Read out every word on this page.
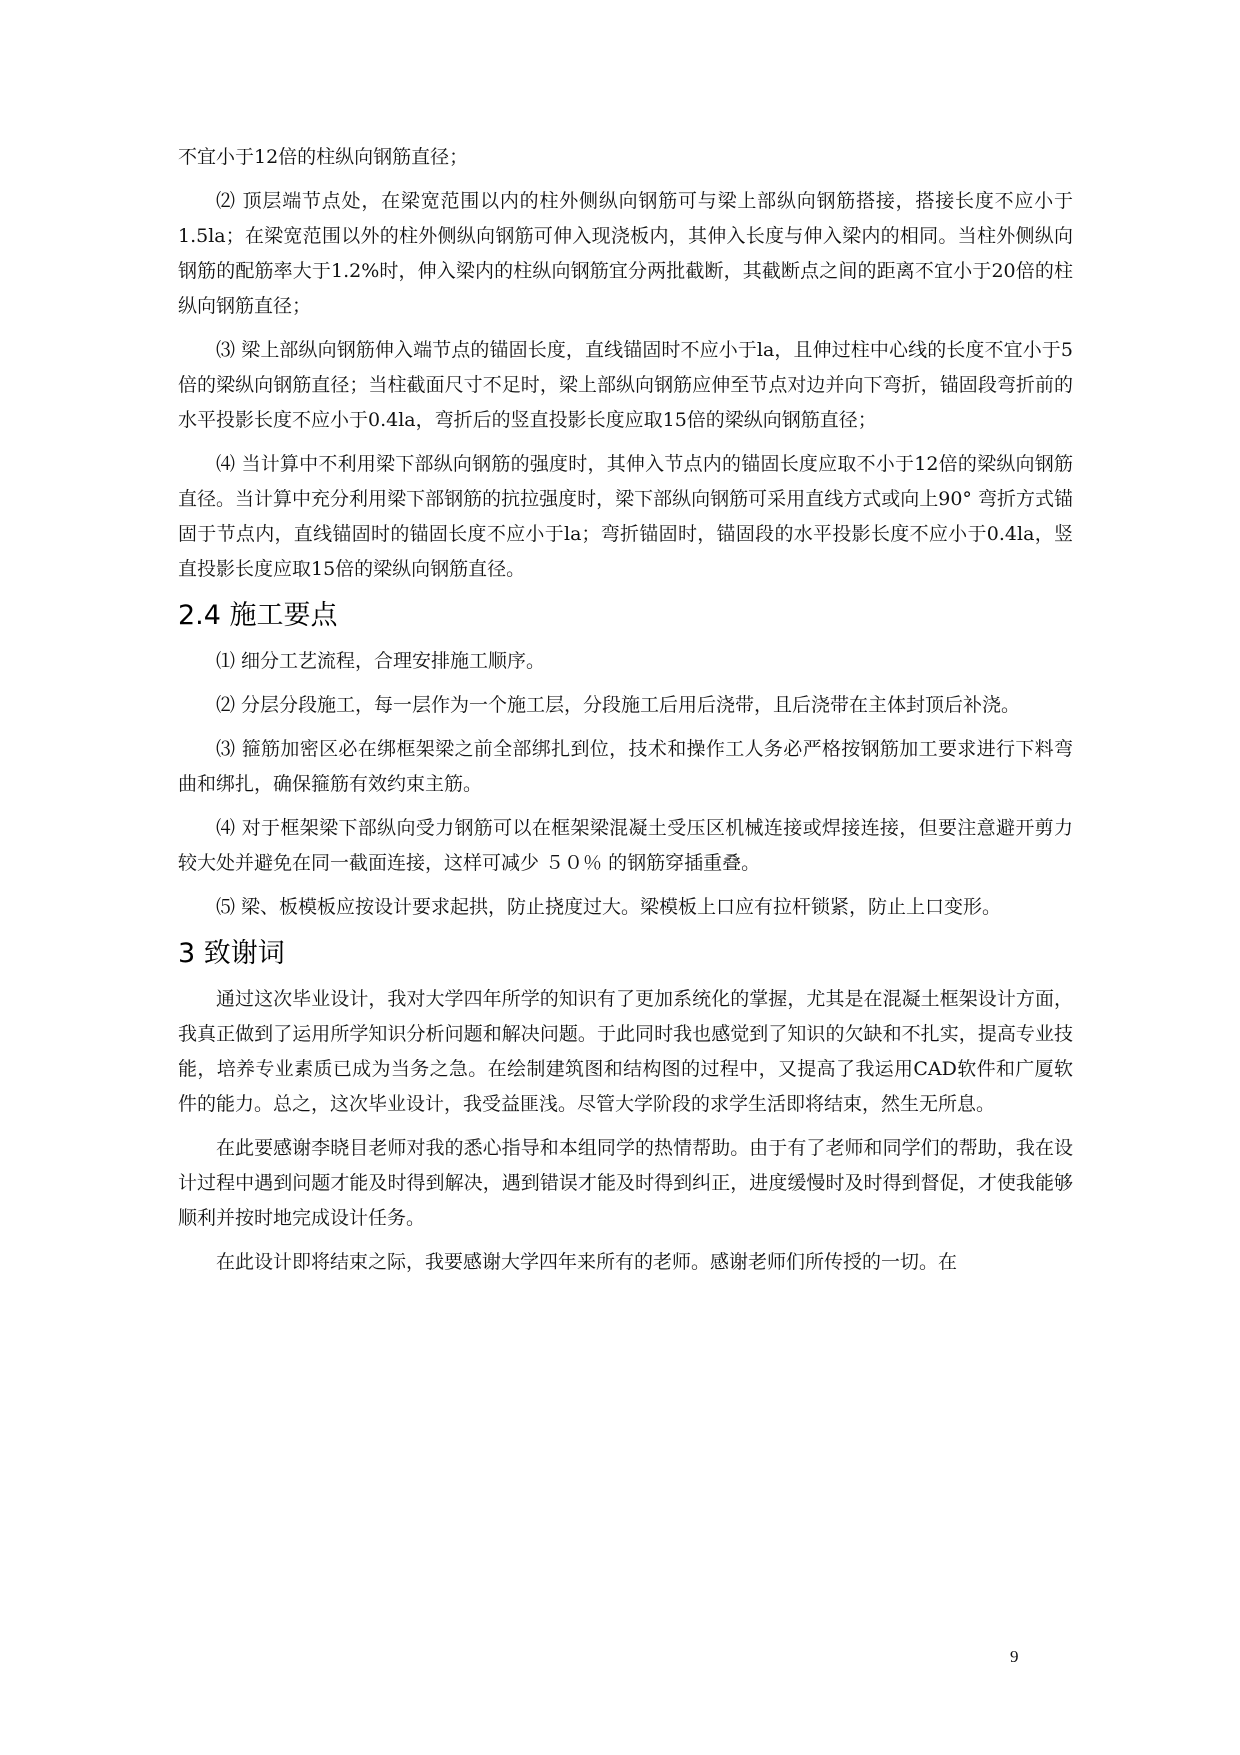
不宜小于12倍的柱纵向钢筋直径；

⑵ 顶层端节点处，在梁宽范围以内的柱外侧纵向钢筋可与梁上部纵向钢筋搭接，搭接长度不应小于1.5la；在梁宽范围以外的柱外侧纵向钢筋可伸入现浇板内，其伸入长度与伸入梁内的相同。当柱外侧纵向钢筋的配筋率大于1.2%时，伸入梁内的柱纵向钢筋宜分两批截断，其截断点之间的距离不宜小于20倍的柱纵向钢筋直径；

⑶ 梁上部纵向钢筋伸入端节点的锚固长度，直线锚固时不应小于la，且伸过柱中心线的长度不宜小于5倍的梁纵向钢筋直径；当柱截面尺寸不足时，梁上部纵向钢筋应伸至节点对边并向下弯折，锚固段弯折前的水平投影长度不应小于0.4la，弯折后的竖直投影长度应取15倍的梁纵向钢筋直径；

⑷ 当计算中不利用梁下部纵向钢筋的强度时，其伸入节点内的锚固长度应取不小于12倍的梁纵向钢筋直径。当计算中充分利用梁下部钢筋的抗拉强度时，梁下部纵向钢筋可采用直线方式或向上90° 弯折方式锚固于节点内，直线锚固时的锚固长度不应小于la；弯折锚固时，锚固段的水平投影长度不应小于0.4la，竖直投影长度应取15倍的梁纵向钢筋直径。

2.4 施工要点

⑴ 细分工艺流程，合理安排施工顺序。

⑵ 分层分段施工，每一层作为一个施工层，分段施工后用后浇带，且后浇带在主体封顶后补浇。

⑶ 箍筋加密区必在绑框架梁之前全部绑扎到位，技术和操作工人务必严格按钢筋加工要求进行下料弯曲和绑扎，确保箍筋有效约束主筋。

⑷ 对于框架梁下部纵向受力钢筋可以在框架梁混凝土受压区机械连接或焊接连接，但要注意避开剪力较大处并避免在同一截面连接，这样可减少 ５０％ 的钢筋穿插重叠。

⑸ 梁、板模板应按设计要求起拱，防止挠度过大。梁模板上口应有拉杆锁紧，防止上口变形。

3 致谢词

通过这次毕业设计，我对大学四年所学的知识有了更加系统化的掌握，尤其是在混凝土框架设计方面，我真正做到了运用所学知识分析问题和解决问题。于此同时我也感觉到了知识的欠缺和不扎实，提高专业技能，培养专业素质已成为当务之急。在绘制建筑图和结构图的过程中，又提高了我运用CAD软件和广厦软件的能力。总之，这次毕业设计，我受益匪浅。尽管大学阶段的求学生活即将结束，然生无所息。

在此要感谢李晓目老师对我的悉心指导和本组同学的热情帮助。由于有了老师和同学们的帮助，我在设计过程中遇到问题才能及时得到解决，遇到错误才能及时得到纠正，进度缓慢时及时得到督促，才使我能够顺利并按时地完成设计任务。

在此设计即将结束之际，我要感谢大学四年来所有的老师。感谢老师们所传授的一切。在

9
